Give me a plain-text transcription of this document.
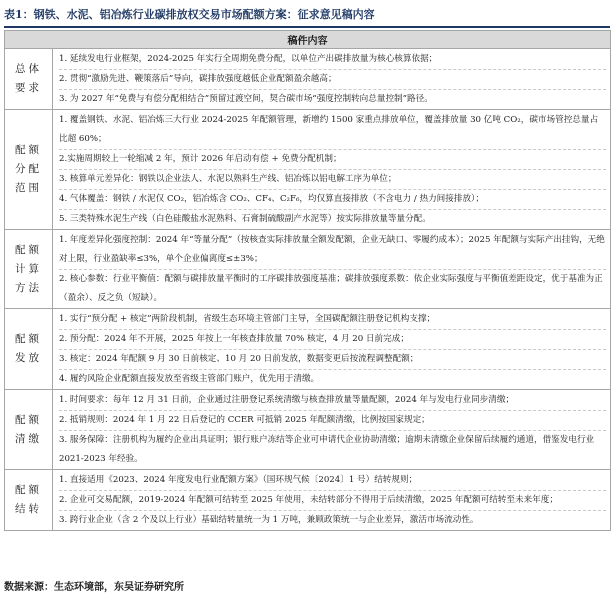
表1：钢铁、水泥、铝冶炼行业碳排放权交易市场配额方案：征求意见稿内容
稿件内容	
总体要求	1. 延续发电行业框架，2024-2025 年实行全周期免费分配，以单位产出碳排放量为核心核算依据；
2. 贯彻“激励先进、鞭策落后”导向，碳排放强度越低企业配额盈余越高；
3. 为 2027 年“免费与有偿分配相结合”预留过渡空间，契合碳市场“强度控制转向总量控制”路径。

配额分配范围	1. 覆盖钢铁、水泥、铝冶炼三大行业 2024-2025 年配额管理，新增约 1500 家重点排放单位，覆盖排放量 30 亿吨 CO₂，碳市场管控总量占比超 60%；
2.实施周期较上一轮缩减 2 年，预计 2026 年启动有偿 + 免费分配机制；
3. 核算单元差异化：钢铁以企业法人、水泥以熟料生产线、铝冶炼以铝电解工序为单位；
4. 气体覆盖：钢铁 / 水泥仅 CO₂，铝冶炼含 CO₂、CF₄、C₂F₆，均仅算直接排放（不含电力 / 热力间接排放）；
5. 三类特殊水泥生产线（白色硅酸盐水泥熟料、石膏制硫酸副产水泥等）按实际排放量等量分配。

配额计算方法	1. 年度差异化强度控制：2024 年“等量分配”（按核查实际排放量全额发配额，企业无缺口、零履约成本）；2025 年配额与实际产出挂钩，无绝对上限，行业盈缺率≤3%，单个企业偏离度≤±3%；
2. 核心参数：行业平衡值：配额与碳排放量平衡时的工序碳排放强度基准；碳排放强度系数：依企业实际强度与平衡值差距设定，优于基准为正（盈余）、反之负（短缺）。

配额发放	1. 实行“预分配 + 核定”两阶段机制，省级生态环境主管部门主导，全国碳配额注册登记机构支撑；
2. 预分配：2024 年不开展，2025 年按上一年核查排放量 70% 核定，4 月 20 日前完成；
3. 核定：2024 年配额 9 月 30 日前核定、10 月 20 日前发放，数据变更后按流程调整配额；
4. 履约风险企业配额直接发放至省级主管部门账户，优先用于清缴。

配额清缴	1. 时间要求：每年 12 月 31 日前，企业通过注册登记系统清缴与核查排放量等量配额，2024 年与发电行业同步清缴；
2. 抵销规则：2024 年 1 月 22 日后登记的 CCER 可抵销 2025 年配额清缴，比例按国家规定；
3. 服务保障：注册机构为履约企业出具证明；银行账户冻结等企业可申请代企业协助清缴；逾期未清缴企业保留后续履约通道，借鉴发电行业 2021-2023 年经验。

配额结转	1. 直接适用《2023、2024 年度发电行业配额方案》（国环规气候〔2024〕1 号）结转规则；
2. 企业可交易配额，2019-2024 年配额可结转至 2025 年使用，未结转部分不得用于后续清缴，2025 年配额可结转至未来年度；
3. 跨行业企业（含 2 个及以上行业）基础结转量统一为 1 万吨，兼顾政策统一与企业差异，激活市场流动性。
数据来源：生态环境部，东吴证券研究所
